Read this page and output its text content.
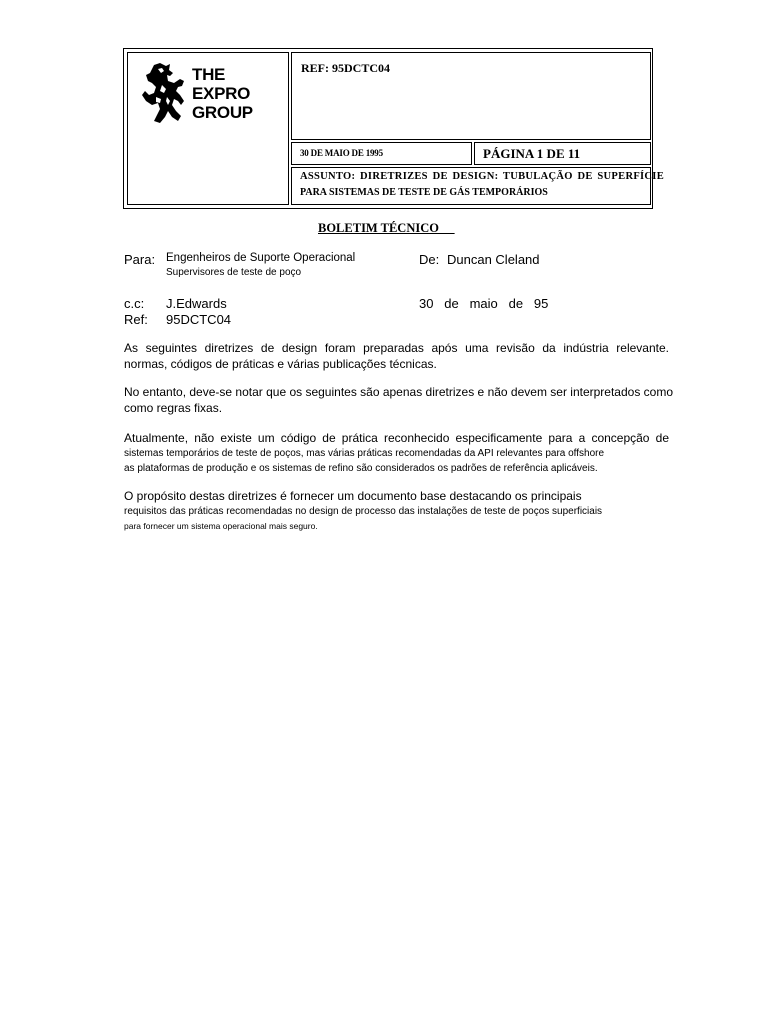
THE
EXPRO
GROUP
REF: 95DCTC04
30 DE MAIO DE 1995	PÁGINA 1 DE 11
ASSUNTO: DIRETRIZES DE DESIGN: TUBULAÇÃO DE SUPERFÍCIE
PARA SISTEMAS DE TESTE DE GÁS TEMPORÁRIOS
BOLETIM TÉCNICO
Para: Engenheiros de Suporte Operacional
Supervisores de teste de poço
De: Duncan Cleland
c.c: J.Edwards
Ref: 95DCTC04
30   de   maio   de   95
As seguintes diretrizes de design foram preparadas após uma revisão da indústria relevante.
normas, códigos de práticas e várias publicações técnicas.
No entanto, deve-se notar que os seguintes são apenas diretrizes e não devem ser interpretados como
como regras fixas.
Atualmente, não existe um código de prática reconhecido especificamente para a concepção de
sistemas temporários de teste de poços, mas várias práticas recomendadas da API relevantes para offshore
as plataformas de produção e os sistemas de refino são considerados os padrões de referência aplicáveis.
O propósito destas diretrizes é fornecer um documento base destacando os principais
requisitos das práticas recomendadas no design de processo das instalações de teste de poços superficiais
para fornecer um sistema operacional mais seguro.
